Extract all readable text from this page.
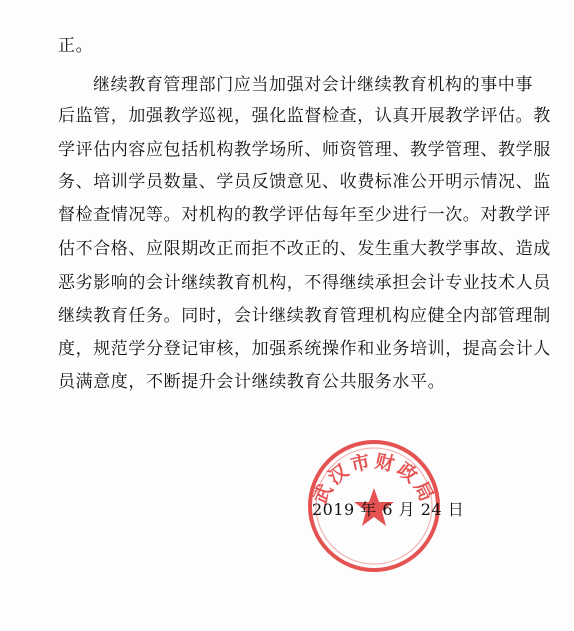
正。
继续教育管理部门应当加强对会计继续教育机构的事中事
后监管，加强教学巡视，强化监督检查，认真开展教学评估。教
学评估内容应包括机构教学场所、师资管理、教学管理、教学服
务、培训学员数量、学员反馈意见、收费标准公开明示情况、监
督检查情况等。对机构的教学评估每年至少进行一次。对教学评
估不合格、应限期改正而拒不改正的、发生重大教学事故、造成
恶劣影响的会计继续教育机构，不得继续承担会计专业技术人员
继续教育任务。同时，会计继续教育管理机构应健全内部管理制
度，规范学分登记审核，加强系统操作和业务培训，提高会计人
员满意度，不断提升会计继续教育公共服务水平。
武汉市财政局
2019 年 6 月 24 日
